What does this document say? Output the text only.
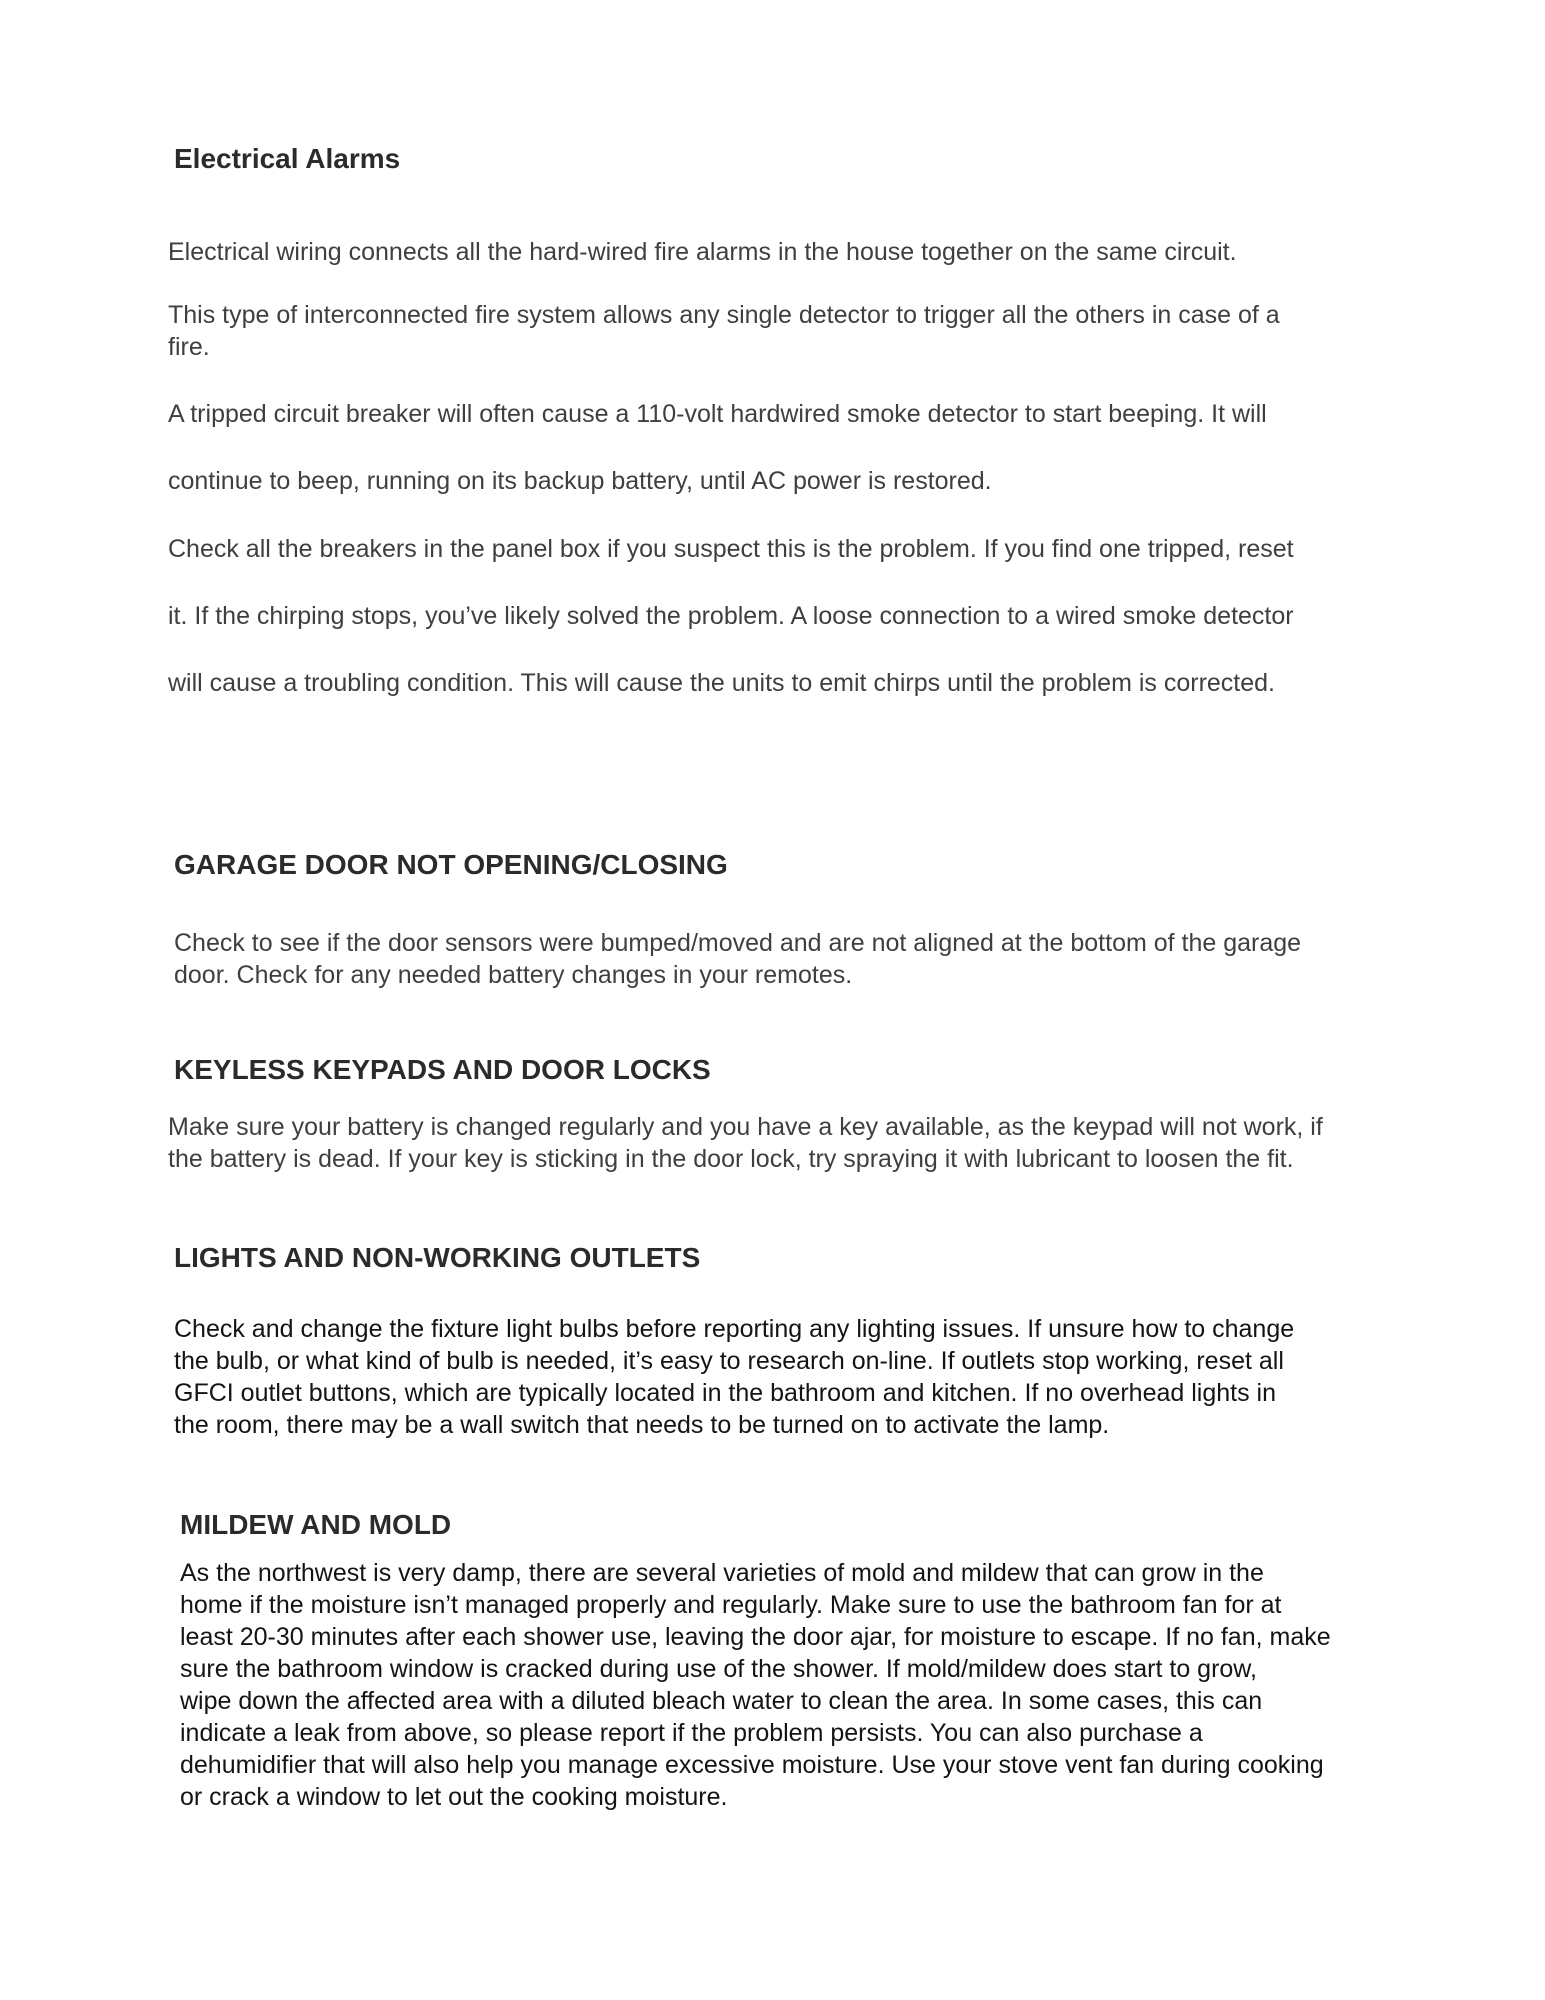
Electrical Alarms

Electrical wiring connects all the hard-wired fire alarms in the house together on the same circuit.

This type of interconnected fire system allows any single detector to trigger all the others in case of a

fire.

A tripped circuit breaker will often cause a 110-volt hardwired smoke detector to start beeping. It will

continue to beep, running on its backup battery, until AC power is restored.

Check all the breakers in the panel box if you suspect this is the problem. If you find one tripped, reset

it. If the chirping stops, you’ve likely solved the problem. A loose connection to a wired smoke detector

will cause a troubling condition. This will cause the units to emit chirps until the problem is corrected.

GARAGE DOOR NOT OPENING/CLOSING

Check to see if the door sensors were bumped/moved and are not aligned at the bottom of the garage

door. Check for any needed battery changes in your remotes.

KEYLESS KEYPADS AND DOOR LOCKS

Make sure your battery is changed regularly and you have a key available, as the keypad will not work, if

the battery is dead. If your key is sticking in the door lock, try spraying it with lubricant to loosen the fit.

LIGHTS AND NON-WORKING OUTLETS

Check and change the fixture light bulbs before reporting any lighting issues. If unsure how to change

the bulb, or what kind of bulb is needed, it’s easy to research on-line. If outlets stop working, reset all

GFCI outlet buttons, which are typically located in the bathroom and kitchen. If no overhead lights in

the room, there may be a wall switch that needs to be turned on to activate the lamp.

MILDEW AND MOLD

As the northwest is very damp, there are several varieties of mold and mildew that can grow in the

home if the moisture isn’t managed properly and regularly. Make sure to use the bathroom fan for at

least 20-30 minutes after each shower use, leaving the door ajar, for moisture to escape. If no fan, make

sure the bathroom window is cracked during use of the shower. If mold/mildew does start to grow,

wipe down the affected area with a diluted bleach water to clean the area. In some cases, this can

indicate a leak from above, so please report if the problem persists. You can also purchase a

dehumidifier that will also help you manage excessive moisture. Use your stove vent fan during cooking

or crack a window to let out the cooking moisture.
